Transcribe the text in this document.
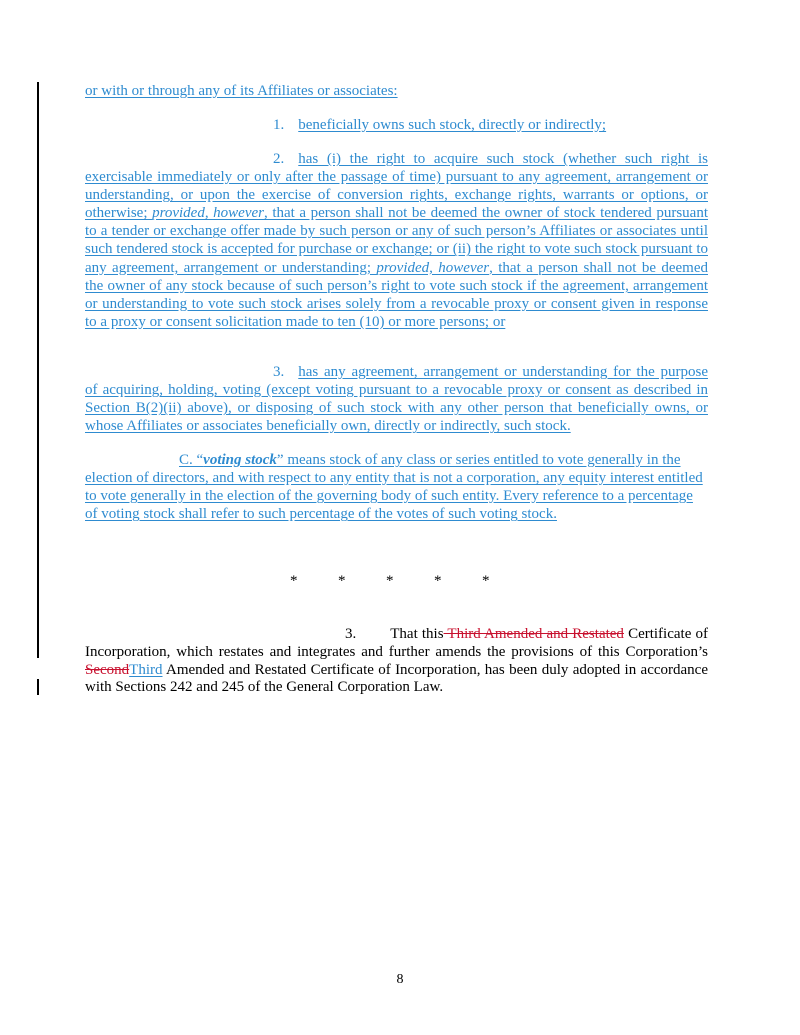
or with or through any of its Affiliates or associates:

1. beneficially owns such stock, directly or indirectly;

2. has (i) the right to acquire such stock (whether such right is exercisable immediately or only after the passage of time) pursuant to any agreement, arrangement or understanding, or upon the exercise of conversion rights, exchange rights, warrants or options, or otherwise; provided, however, that a person shall not be deemed the owner of stock tendered pursuant to a tender or exchange offer made by such person or any of such person’s Affiliates or associates until such tendered stock is accepted for purchase or exchange; or (ii) the right to vote such stock pursuant to any agreement, arrangement or understanding; provided, however, that a person shall not be deemed the owner of any stock because of such person’s right to vote such stock if the agreement, arrangement or understanding to vote such stock arises solely from a revocable proxy or consent given in response to a proxy or consent solicitation made to ten (10) or more persons; or

3. has any agreement, arrangement or understanding for the purpose of acquiring, holding, voting (except voting pursuant to a revocable proxy or consent as described in Section B(2)(ii) above), or disposing of such stock with any other person that beneficially owns, or whose Affiliates or associates beneficially own, directly or indirectly, such stock.

C. “voting stock” means stock of any class or series entitled to vote generally in the election of directors, and with respect to any entity that is not a corporation, any equity interest entitled to vote generally in the election of the governing body of such entity. Every reference to a percentage of voting stock shall refer to such percentage of the votes of such voting stock.

*	*	*	*	*

3. That this Third Amended and Restated Certificate of Incorporation, which restates and integrates and further amends the provisions of this Corporation’s SecondThird Amended and Restated Certificate of Incorporation, has been duly adopted in accordance with Sections 242 and 245 of the General Corporation Law.

8
